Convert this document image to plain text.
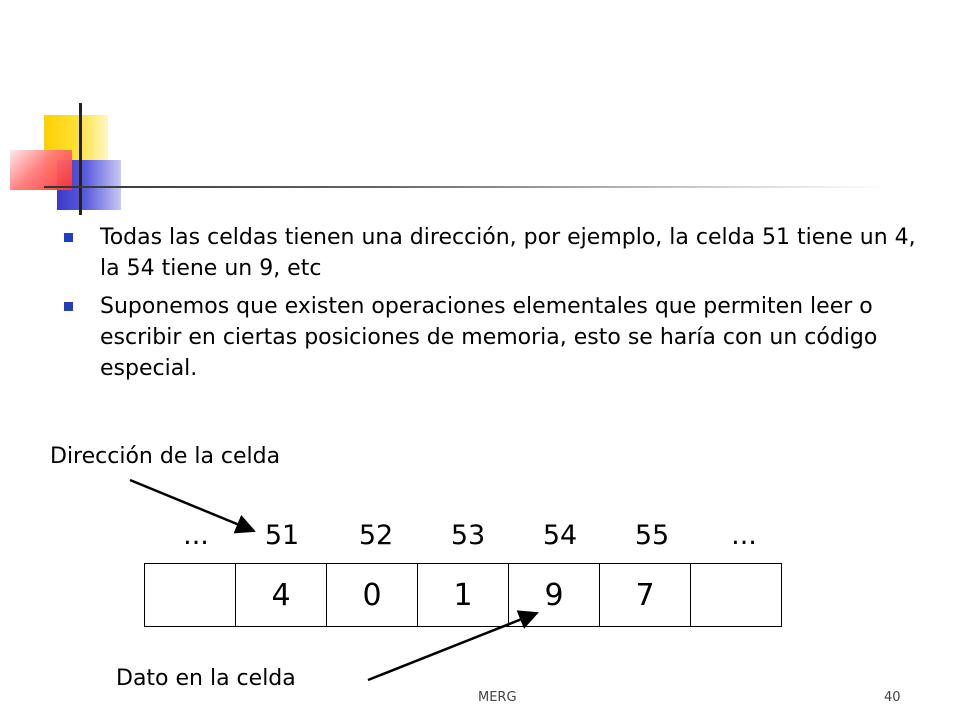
Todas las celdas tienen una dirección, por ejemplo, la celda 51 tiene un 4, la 54 tiene un 9, etc
Suponemos que existen operaciones elementales que permiten leer o escribir en ciertas posiciones de memoria, esto se haría con un código especial.
Dirección de la celda
...	51	52	53	54	55	...
	4	0	1	9	7	
Dato en la celda
MERG	40
